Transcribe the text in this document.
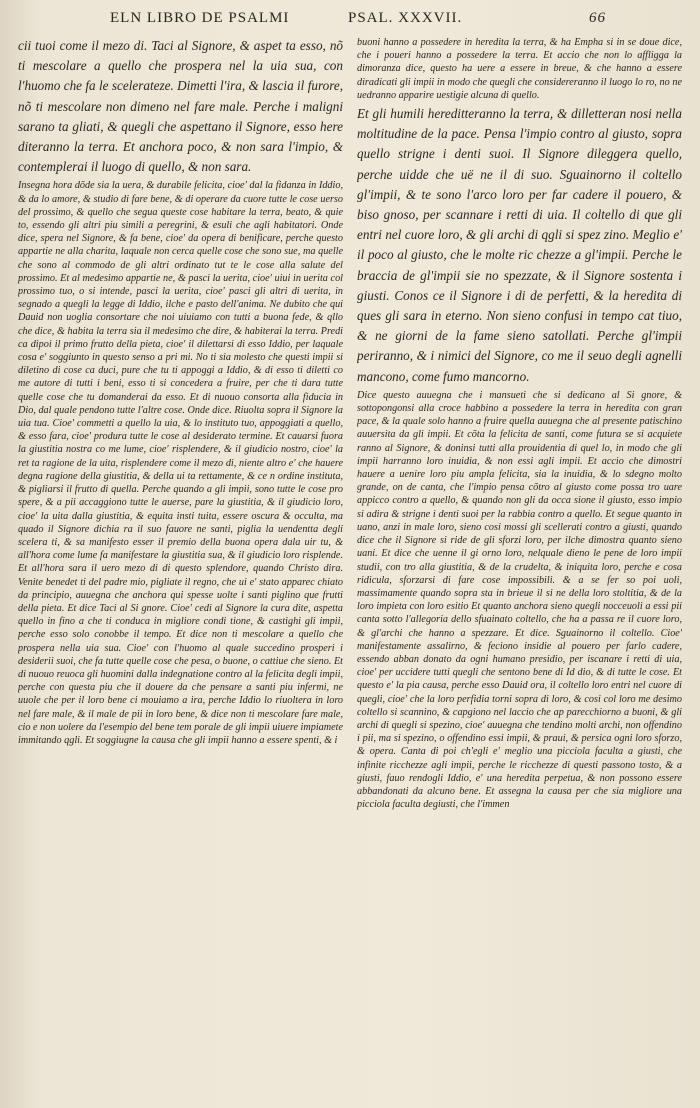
ELN LIBRO DE PSALMI	PSAL. XXXVII.	66

cii tuoi come il mezo di. Taci al Signore, & aspet ta esso, nõ ti mescolare a quello che prospera nel la uia sua, con l'huomo che fa le scelerateze. Dimetti l'ira, & lascia il furore, nõ ti mescolare non dimeno nel fare male. Perche i maligni sarano ta gliati, & quegli che aspettano il Signore, esso here diteranno la terra. Et anchora poco, & non sara l'impio, & contemplerai il luogo di quello, & non sara.

Insegna hora dõde sia la uera, & durabile felicita, cioe' dal la fidanza in Iddio, & da lo amore, & studio di fare bene, & di operare da cuore tutte le cose uerso del prossimo, & quello che segua queste cose habitare la terra, beato, & quie to, essendo gli altri piu simili a peregrini, & esuli che agli habitatori. Onde dice, spera nel Signore, & fa bene, cioe' da opera di benificare, perche questo appartie ne alla charita, laquale non cerca quelle cose che sono sue, ma quelle che sono al commodo de gli altri ordinato tut te le cose alla salute del prossimo. Et al medesimo appartie ne, & pasci la uerita, cioe' uiui in uerita col prossimo tuo, o si intende, pasci la uerita, cioe' pasci gli altri di uerita, in segnado a quegli la legge di Iddio, ilche e pasto dell'anima. Ne dubito che qui Dauid non uoglia consortare che noi uiuiamo con tutti a buona fede, & qllo che dice, & habita la terra sia il medesimo che dire, & habiterai la terra. Predi ca dipoi il primo frutto della pieta, cioe' il dilettarsi di esso Iddio, per laquale cosa e' soggiunto in questo senso a pri mi. No ti sia molesto che questi impii si diletino di cose ca duci, pure che tu ti appoggi a Iddio, & di esso ti diletti co me autore di tutti i beni, esso ti si concedera a fruire, per che ti dara tutte quelle cose che tu domanderai da esso. Et di nuouo consorta alla fiducia in Dio, dal quale pendono tutte l'altre cose. Onde dice. Riuolta sopra il Signore la uia tua. Cioe' commetti a quello la uia, & lo instituto tuo, appoggiati a quello, & esso fara, cioe' produra tutte le cose al desiderato termine. Et cauarsi fuora la giustitia nostra co me lume, cioe' risplendere, & il giudicio nostro, cioe' la ret ta ragione de la uita, risplendere come il mezo di, niente altro e' che hauere degna ragione della giustitia, & della ui ta rettamente, & ce n ordine instituta, & pigliarsi il frutto di quella. Perche quando a gli impii, sono tutte le cose pro spere, & a pii accaggiono tutte le auerse, pare la giustitia, & il giudicio loro, cioe' la uita dalla giustitia, & equita insti tuita, essere oscura & occulta, ma quado il Signore dichia ra il suo fauore ne santi, piglia la uendentta degli scelera ti, & sa manifesto esser il premio della buona opera dala uir tu, & all'hora come lume fa manifestare la giustitia sua, & il giudicio loro risplende. Et all'hora sara il uero mezo di di questo splendore, quando Christo dira. Venite benedet ti del padre mio, pigliate il regno, che ui e' stato apparec chiato da principio, auuegna che anchora qui spesse uolte i santi piglino que frutti della pieta. Et dice Taci al Si gnore. Cioe' cedi al Signore la cura dite, aspetta quello in fino a che ti conduca in migliore condi tione, & castighi gli impii, perche esso solo conobbe il tempo. Et dice non ti mescolare a quello che prospera nella uia sua. Cioe' con l'huomo al quale succedino prosperi i desiderii suoi, che fa tutte quelle cose che pesa, o buone, o cattiue che sieno. Et di nuouo reuoca gli huomini dalla indegnatione contro al la felicita degli impii, perche con questa piu che il douere da che pensare a santi piu infermi, ne uuole che per il loro bene ci mouiamo a ira, perche Iddio lo riuoltera in loro nel fare male, & il male de pii in loro bene, & dice non ti mescolare fare male, cio e non uolere da l'esempio del bene tem porale de gli impii uiuere impiamete immitando qgli. Et soggiugne la causa che gli impii hanno a essere spenti, & i

buoni hanno a possedere in heredita la terra, & ha Empha si in se doue dice, che i poueri hanno a possedere la terra. Et accio che non lo affligga la dimoranza dice, questo ha uere a essere in breue, & che hanno a essere diradicati gli impii in modo che quegli che considereranno il luogo lo ro, no ne uedranno apparire uestigie alcuna di quello.

Et gli humili hereditteranno la terra, & dilletteran nosi nella moltitudine de la pace. Pensa l'impio contro al giusto, sopra quello strigne i denti suoi. Il Signore dileggera quello, perche uidde che uë ne il di suo. Sguainorno il coltello gl'impii, & te sono l'arco loro per far cadere il pouero, & biso gnoso, per scannare i retti di uia. Il coltello di que gli entri nel cuore loro, & gli archi di qgli si spez zino. Meglio e' il poco al giusto, che le molte ric chezze a gl'impii. Perche le braccia de gl'impii sie no spezzate, & il Signore sostenta i giusti. Conos ce il Signore i di de perfetti, & la heredita di ques gli sara in eterno. Non sieno confusi in tempo cat tiuo, & ne giorni de la fame sieno satollati. Perche gl'impii periranno, & i nimici del Signore, co me il seuo degli agnelli mancono, come fumo mancorno.

Dice questo auuegna che i mansueti che si dedicano al Si gnore, & sottopongonsi alla croce habbino a possedere la terra in heredita con gran pace, & la quale solo hanno a fruire quella auuegna che al presente patischino auuersita da gli impii. Et cõta la felicita de santi, come futura se si acquiete ranno al Signore, & doninsi tutti alla prouidentia di quel lo, in modo che gli impii harranno loro inuidia, & non essi agli impii. Et accio che dimostri hauere a uenire loro piu ampla felicita, sia la inuidia, & lo sdegno molto grande, on de canta, che l'impio pensa cõtro al giusto come possa tro uare appicco contro a quello, & quando non gli da occa sione il giusto, esso impio si adira & strigne i denti suoi per la rabbia contro a quello. Et segue quanto in uano, anzi in male loro, sieno cosi mossi gli scellerati contro a giusti, quando dice che il Signore si ride de gli sforzi loro, per ilche dimostra quanto sieno uani. Et dice che uenne il gi orno loro, nelquale dieno le pene de loro impii studii, con tro alla giustitia, & de la crudelta, & iniquita loro, perche e cosa ridicula, sforzarsi di fare cose impossibili. & a se fer so poi uoli, massimamente quando sopra sta in brieue il si ne della loro stoltitia, & de la loro impieta con loro esitio Et quanto anchora sieno quegli nocceuoli a essi pii canta sotto l'allegoria dello sfuainato coltello, che ha a passa re il cuore loro, & gl'archi che hanno a spezzare. Et dice. Sguainorno il coltello. Cioe' manifestamente assalirno, & feciono insidie al pouero per farlo cadere, essendo abban donato da ogni humano presidio, per iscanare i retti di uia, cioe' per uccidere tutti quegli che sentono bene di Id dio, & di tutte le cose. Et questo e' la pia causa, perche esso Dauid ora, il coltello loro entri nel cuore di quegli, cioe' che la loro perfidia torni sopra di loro, & cosi col loro me desimo coltello si scannino, & capgiono nel laccio che ap parecchiorno a buoni, & gli archi di quegli si spezino, cioe' auuegna che tendino molti archi, non offendino i pii, ma si spezino, o offendino essi impii, & praui, & persica ogni loro sforzo, & opera. Canta di poi ch'egli e' meglio una picciola faculta a giusti, che infinite ricchezze agli impii, perche le ricchezze di questi passono tosto, & a giusti, fauo rendogli Iddio, e' una heredita perpetua, & non possono essere abbandonati da alcuno bene. Et assegna la causa per che sia migliore una picciola faculta degiusti, che l'immen
